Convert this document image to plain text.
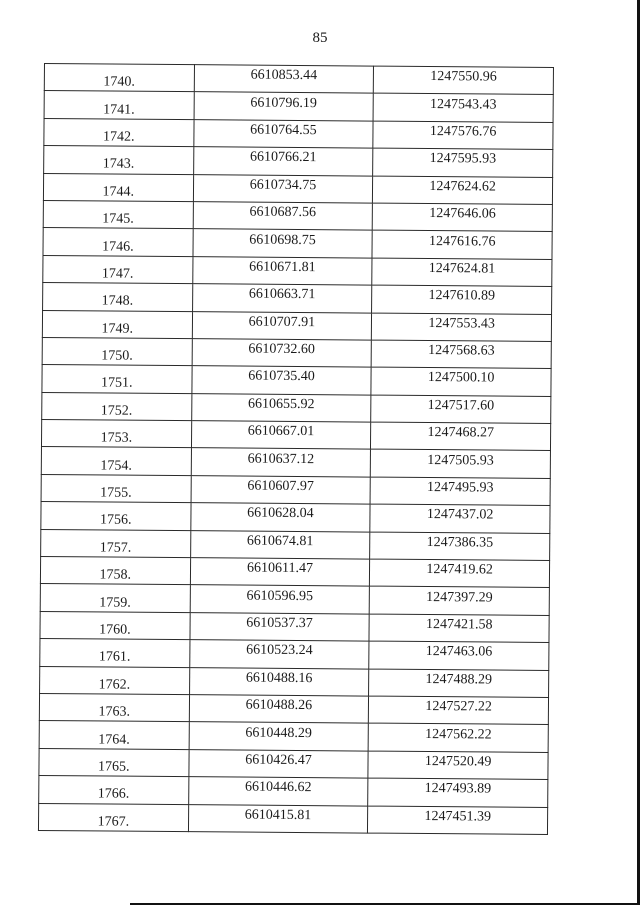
85
1740.	6610853.44	1247550.96
1741.	6610796.19	1247543.43
1742.	6610764.55	1247576.76
1743.	6610766.21	1247595.93
1744.	6610734.75	1247624.62
1745.	6610687.56	1247646.06
1746.	6610698.75	1247616.76
1747.	6610671.81	1247624.81
1748.	6610663.71	1247610.89
1749.	6610707.91	1247553.43
1750.	6610732.60	1247568.63
1751.	6610735.40	1247500.10
1752.	6610655.92	1247517.60
1753.	6610667.01	1247468.27
1754.	6610637.12	1247505.93
1755.	6610607.97	1247495.93
1756.	6610628.04	1247437.02
1757.	6610674.81	1247386.35
1758.	6610611.47	1247419.62
1759.	6610596.95	1247397.29
1760.	6610537.37	1247421.58
1761.	6610523.24	1247463.06
1762.	6610488.16	1247488.29
1763.	6610488.26	1247527.22
1764.	6610448.29	1247562.22
1765.	6610426.47	1247520.49
1766.	6610446.62	1247493.89
1767.	6610415.81	1247451.39
